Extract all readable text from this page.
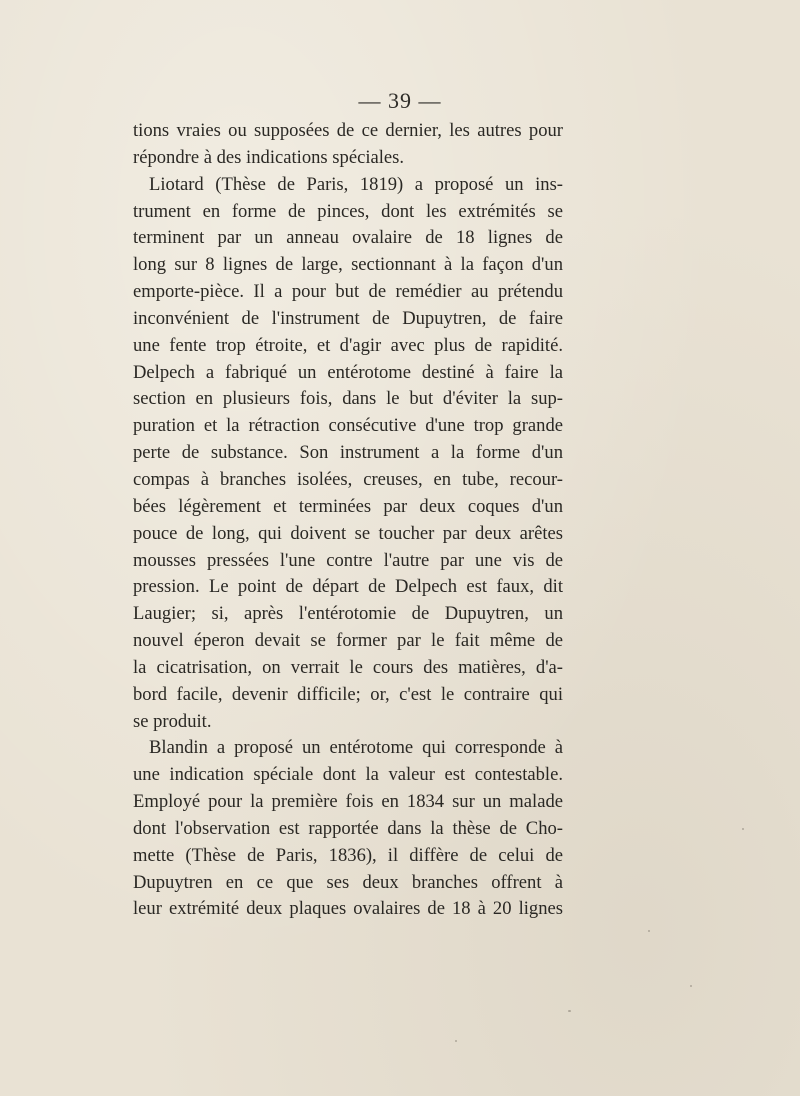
— 39 —
tions vraies ou supposées de ce dernier, les autres pour
répondre à des indications spéciales.
Liotard (Thèse de Paris, 1819) a proposé un ins-
trument en forme de pinces, dont les extrémités se
terminent par un anneau ovalaire de 18 lignes de
long sur 8 lignes de large, sectionnant à la façon d'un
emporte-pièce. Il a pour but de remédier au prétendu
inconvénient de l'instrument de Dupuytren, de faire
une fente trop étroite, et d'agir avec plus de rapidité.
Delpech a fabriqué un entérotome destiné à faire la
section en plusieurs fois, dans le but d'éviter la sup-
puration et la rétraction consécutive d'une trop grande
perte de substance. Son instrument a la forme d'un
compas à branches isolées, creuses, en tube, recour-
bées légèrement et terminées par deux coques d'un
pouce de long, qui doivent se toucher par deux arêtes
mousses pressées l'une contre l'autre par une vis de
pression. Le point de départ de Delpech est faux, dit
Laugier; si, après l'entérotomie de Dupuytren, un
nouvel éperon devait se former par le fait même de
la cicatrisation, on verrait le cours des matières, d'a-
bord facile, devenir difficile; or, c'est le contraire qui
se produit.
Blandin a proposé un entérotome qui corresponde à
une indication spéciale dont la valeur est contestable.
Employé pour la première fois en 1834 sur un malade
dont l'observation est rapportée dans la thèse de Cho-
mette (Thèse de Paris, 1836), il diffère de celui de
Dupuytren en ce que ses deux branches offrent à
leur extrémité deux plaques ovalaires de 18 à 20 lignes
